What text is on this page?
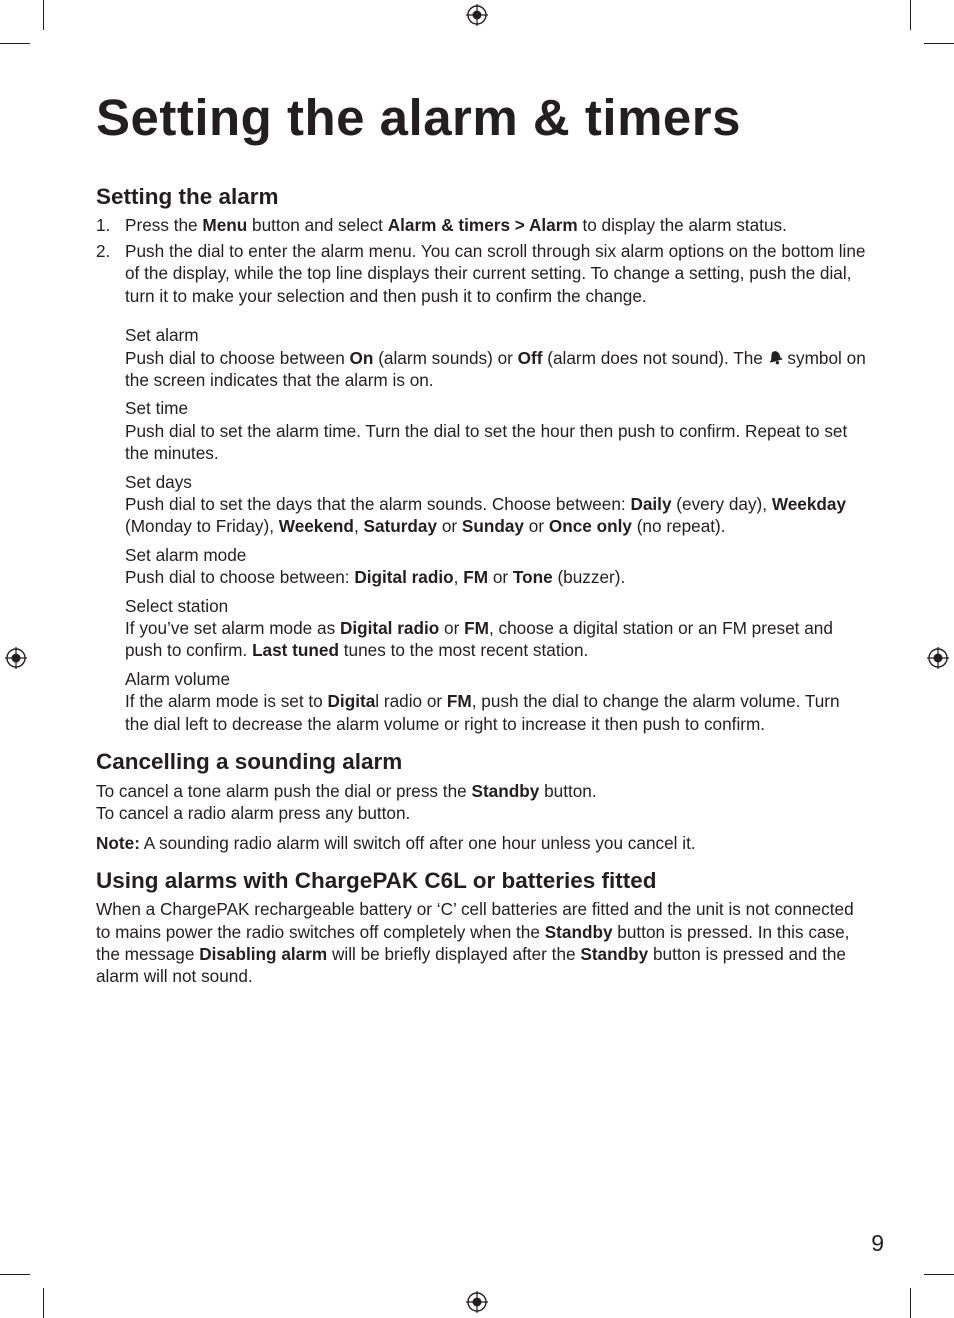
Setting the alarm & timers
Setting the alarm
1. Press the Menu button and select Alarm & timers > Alarm to display the alarm status.
2. Push the dial to enter the alarm menu. You can scroll through six alarm options on the bottom line of the display, while the top line displays their current setting. To change a setting, push the dial, turn it to make your selection and then push it to confirm the change.
Set alarm

Push dial to choose between On (alarm sounds) or Off (alarm does not sound). The  symbol on the screen indicates that the alarm is on.

Set time

Push dial to set the alarm time. Turn the dial to set the hour then push to confirm. Repeat to set the minutes.

Set days

Push dial to set the days that the alarm sounds. Choose between: Daily (every day), Weekday (Monday to Friday), Weekend, Saturday or Sunday or Once only (no repeat).

Set alarm mode

Push dial to choose between: Digital radio, FM or Tone (buzzer).

Select station

If you’ve set alarm mode as Digital radio or FM, choose a digital station or an FM preset and push to confirm. Last tuned tunes to the most recent station.

Alarm volume

If the alarm mode is set to Digital radio or FM, push the dial to change the alarm volume. Turn the dial left to decrease the alarm volume or right to increase it then push to confirm.

Cancelling a sounding alarm

To cancel a tone alarm push the dial or press the Standby button.

To cancel a radio alarm press any button.

Note: A sounding radio alarm will switch off after one hour unless you cancel it.

Using alarms with ChargePAK C6L or batteries fitted

When a ChargePAK rechargeable battery or ‘C’ cell batteries are fitted and the unit is not connected to mains power the radio switches off completely when the Standby button is pressed. In this case, the message Disabling alarm will be briefly displayed after the Standby button is pressed and the alarm will not sound.

9
